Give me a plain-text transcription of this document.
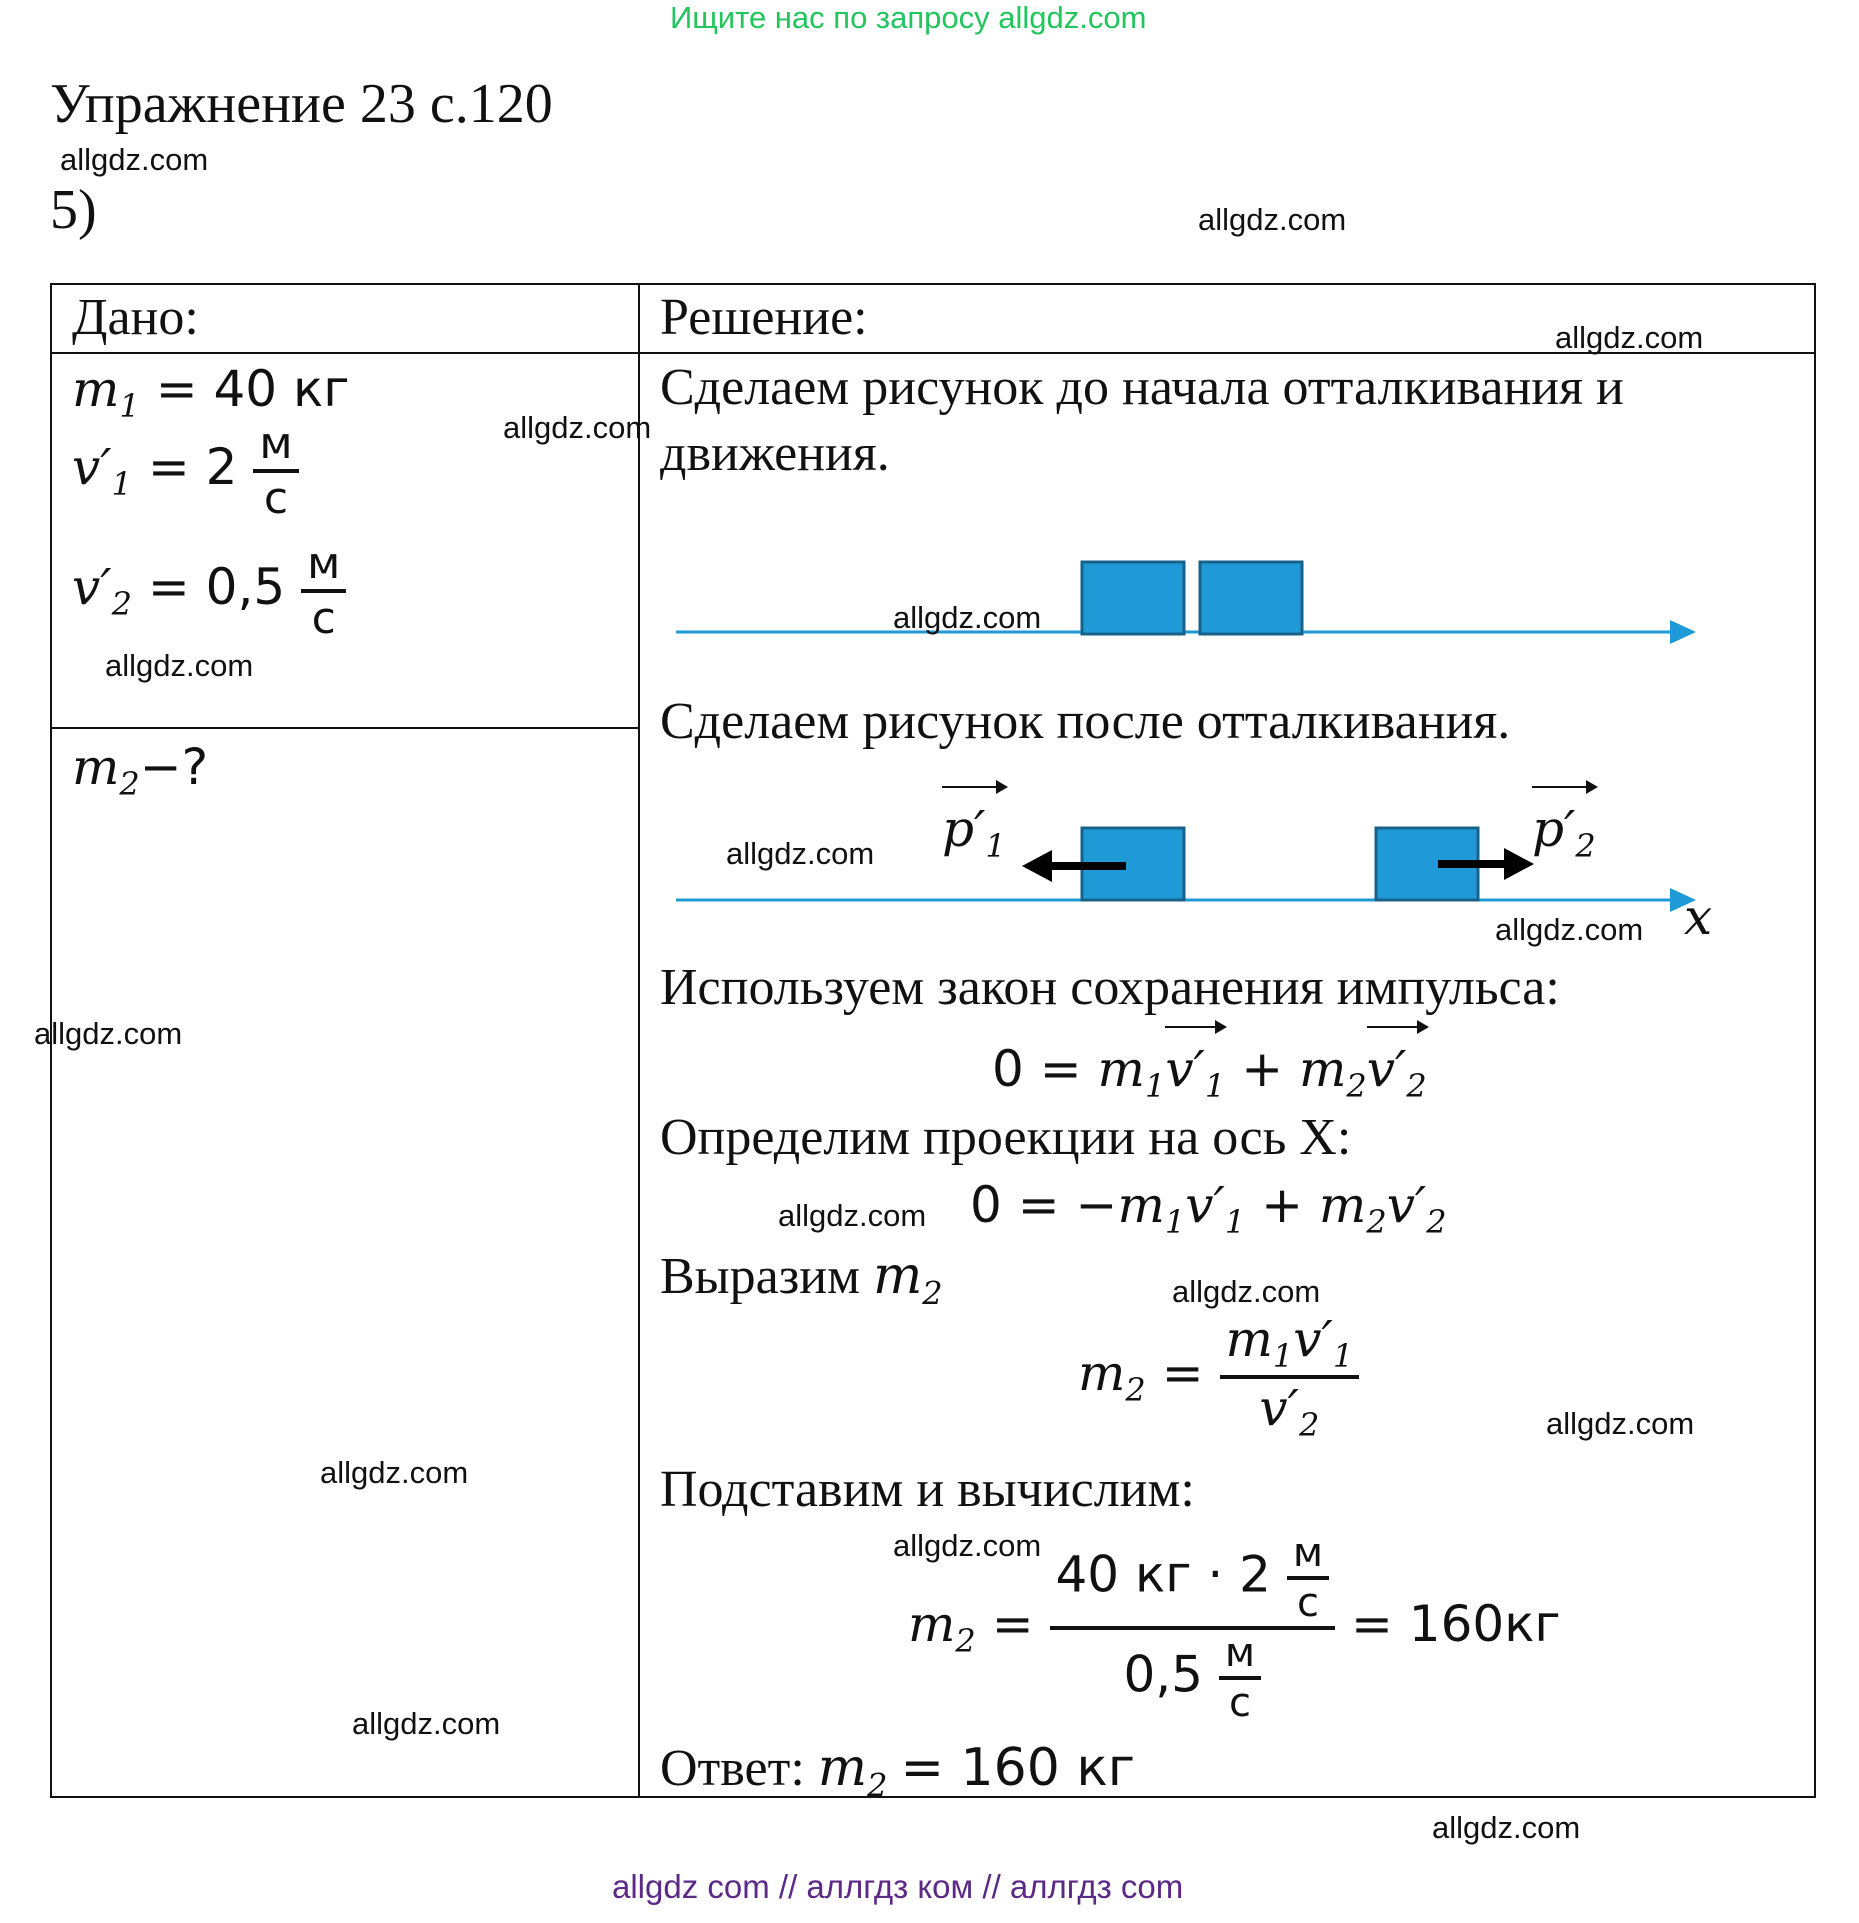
Ищите нас по запросу allgdz.com
Упражнение 23 с.120
allgdz.com
5)	allgdz.com
Дано:	Решение:	allgdz.com
$m_1 = 40$ кг
allgdz.com
$v'_1 = 2 \frac{м}{с}$
$v'_2 = 0,5 \frac{м}{с}$
allgdz.com
$m_2-$?
allgdz.com
allgdz.com
allgdz.com
Сделаем рисунок до начала отталкивания и
движения.
allgdz.com
Сделаем рисунок после отталкивания.
$p'_1$	$p'_2$
x
allgdz.com
allgdz.com
Используем закон сохранения импульса:
$0 = m_1$
$v'_1 + m_2$
$v'_2$
Определим проекции на ось X:
allgdz.com $0 = -m_1v'_1 + m_2v'_2$
Выразим $m_2$	allgdz.com
$m_2 = \frac{m_1v'_1}{v'_2}$	allgdz.com
Подставим и вычислим:
allgdz.com
$m_2 = \frac{40 кг \cdot 2 \frac{м}{с}}{0,5 \frac{м}{с}} = 160кг$
Ответ: $m_2 = 160$ кг
allgdz.com
allgdz com // аллгдз ком // аллгдз com
